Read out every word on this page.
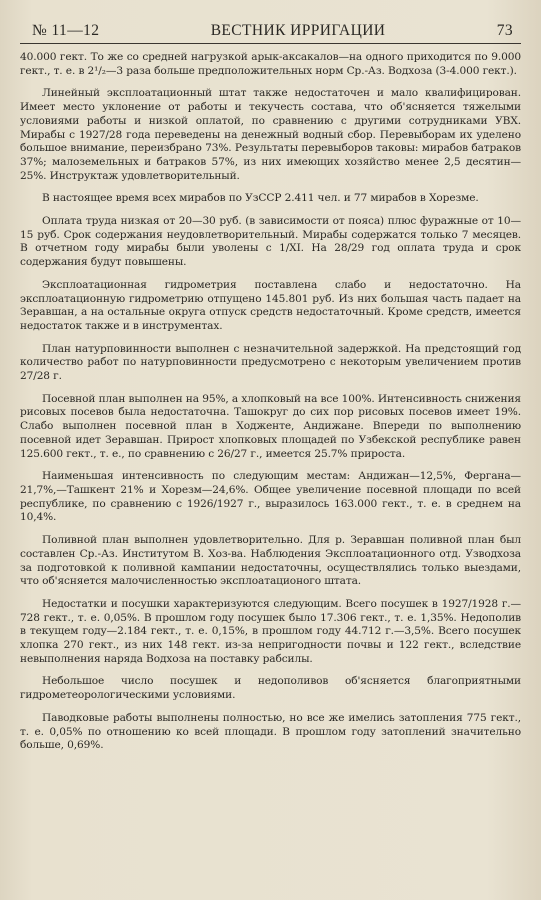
№ 11—12	ВЕСТНИК ИРРИГАЦИИ	73

40.000 гект. То же со средней нагрузкой арык-аксакалов—на одного приходится по 9.000 гект., т. е. в 2¹/₂—3 раза больше предположительных норм Ср.-Аз. Водхоза (3-4.000 гект.).

Линейный эксплоатационный штат также недостаточен и мало квалифицирован. Имеет место уклонение от работы и текучесть состава, что об'ясняется тяжелыми условиями работы и низкой оплатой, по сравнению с другими сотрудниками УВХ. Мирабы с 1927/28 года переведены на денежный водный сбор. Перевыборам их уделено большое внимание, переизбрано 73%. Результаты перевыборов таковы: мирабов батраков 37%; малоземельных и батраков 57%, из них имеющих хозяйство менее 2,5 десятин—25%. Инструктаж удовлетворительный.

В настоящее время всех мирабов по УзССР 2.411 чел. и 77 мирабов в Хорезме.

Оплата труда низкая от 20—30 руб. (в зависимости от пояса) плюс фуражные от 10—15 руб. Срок содержания неудовлетворительный. Мирабы содержатся только 7 месяцев. В отчетном году мирабы были уволены с 1/XI. На 28/29 год оплата труда и срок содержания будут повышены.

Эксплоатационная гидрометрия поставлена слабо и недостаточно. На эксплоатационную гидрометрию отпущено 145.801 руб. Из них большая часть падает на Зеравшан, а на остальные округа отпуск средств недостаточный. Кроме средств, имеется недостаток также и в инструментах.

План натурповинности выполнен с незначительной задержкой. На предстоящий год количество работ по натурповинности предусмотрено с некоторым увеличением против 27/28 г.

Посевной план выполнен на 95%, а хлопковый на все 100%. Интенсивность снижения рисовых посевов была недостаточна. Ташокруг до сих пор рисовых посевов имеет 19%. Слабо выполнен посевной план в Ходженте, Андижане. Впереди по выполнению посевной идет Зеравшан. Прирост хлопковых площадей по Узбекской республике равен 125.600 гект., т. е., по сравнению с 26/27 г., имеется 25.7% прироста.

Наименьшая интенсивность по следующим местам: Андижан—12,5%, Фергана—21,7%,—Ташкент 21% и Хорезм—24,6%. Общее увеличение посевной площади по всей республике, по сравнению с 1926/1927 г., выразилось 163.000 гект., т. е. в среднем на 10,4%.

Поливной план выполнен удовлетворительно. Для р. Зеравшан поливной план был составлен Ср.-Аз. Институтом В. Хоз-ва. Наблюдения Эксплоатационного отд. Узводхоза за подготовкой к поливной кампании недостаточны, осуществлялись только выездами, что об'ясняется малочисленностью эксплоатационого штата.

Недостатки и посушки характеризуются следующим. Всего посушек в 1927/1928 г.—728 гект., т. е. 0,05%. В прошлом году посушек было 17.306 гект., т. е. 1,35%. Недополив в текущем году—2.184 гект., т. е. 0,15%, в прошлом году 44.712 г.—3,5%. Всего посушек хлопка 270 гект., из них 148 гект. из-за непригодности почвы и 122 гект., вследствие невыполнения наряда Водхоза на поставку рабсилы.

Небольшое число посушек и недополивов об'ясняется благоприятными гидрометеорологическими условиями.

Паводковые работы выполнены полностью, но все же имелись затопления 775 гект., т. е. 0,05% по отношению ко всей площади. В прошлом году затоплений значительно больше, 0,69%.
